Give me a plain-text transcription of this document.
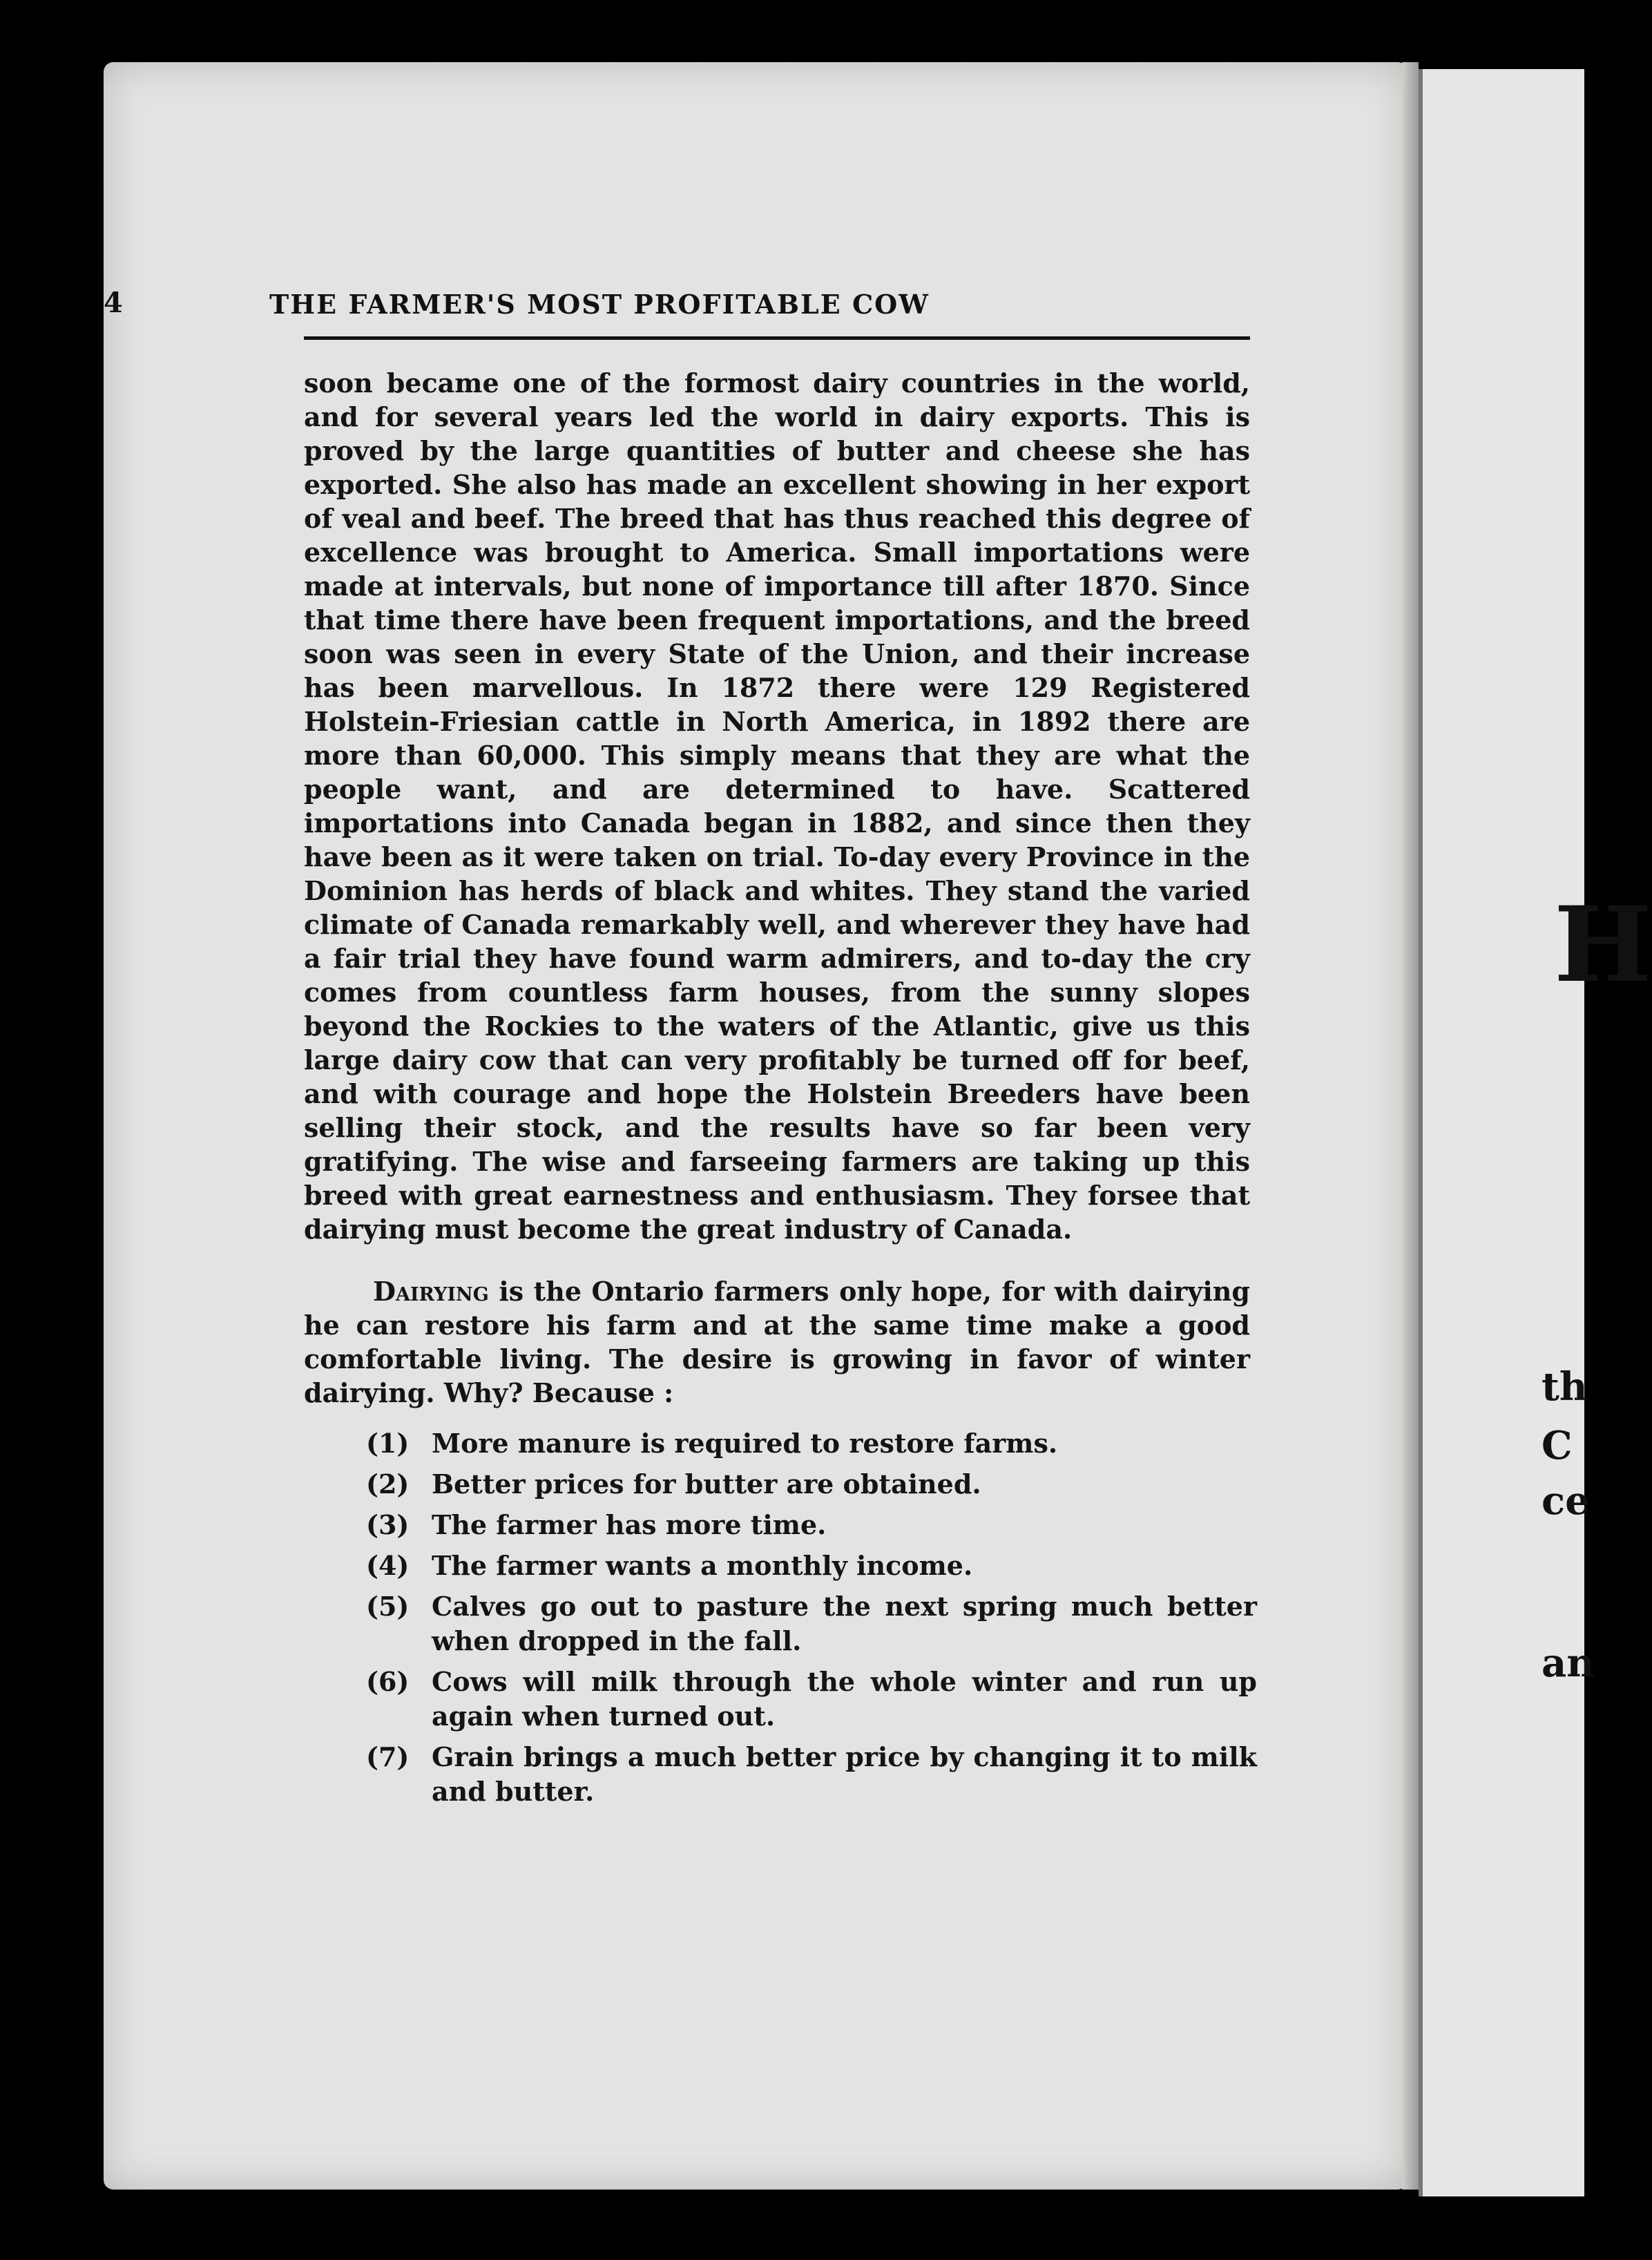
4	THE FARMER'S MOST PROFITABLE COW
soon became one of the formost dairy countries in the world, and for several years led the world in dairy exports. This is proved by the large quantities of butter and cheese she has exported. She also has made an excellent showing in her export of veal and beef. The breed that has thus reached this degree of excellence was brought to America. Small importations were made at intervals, but none of importance till after 1870. Since that time there have been frequent importations, and the breed soon was seen in every State of the Union, and their increase has been marvellous. In 1872 there were 129 Registered Holstein-Friesian cattle in North America, in 1892 there are more than 60,000. This simply means that they are what the people want, and are determined to have. Scattered importations into Canada began in 1882, and since then they have been as it were taken on trial. To-day every Province in the Dominion has herds of black and whites. They stand the varied climate of Canada remarkably well, and wherever they have had a fair trial they have found warm admirers, and to-day the cry comes from countless farm houses, from the sunny slopes beyond the Rockies to the waters of the Atlantic, give us this large dairy cow that can very profitably be turned off for beef, and with courage and hope the Holstein Breeders have been selling their stock, and the results have so far been very gratifying. The wise and farseeing farmers are taking up this breed with great earnestness and enthusiasm. They forsee that dairying must become the great industry of Canada.
Dairying is the Ontario farmers only hope, for with dairying he can restore his farm and at the same time make a good comfortable living. The desire is growing in favor of winter dairying. Why? Because :
(1) More manure is required to restore farms.
(2) Better prices for butter are obtained.
(3) The farmer has more time.
(4) The farmer wants a monthly income.
(5) Calves go out to pasture the next spring much better when dropped in the fall.
(6) Cows will milk through the whole winter and run up again when turned out.
(7) Grain brings a much better price by changing it to milk and butter.
H
th
C
ce
an
